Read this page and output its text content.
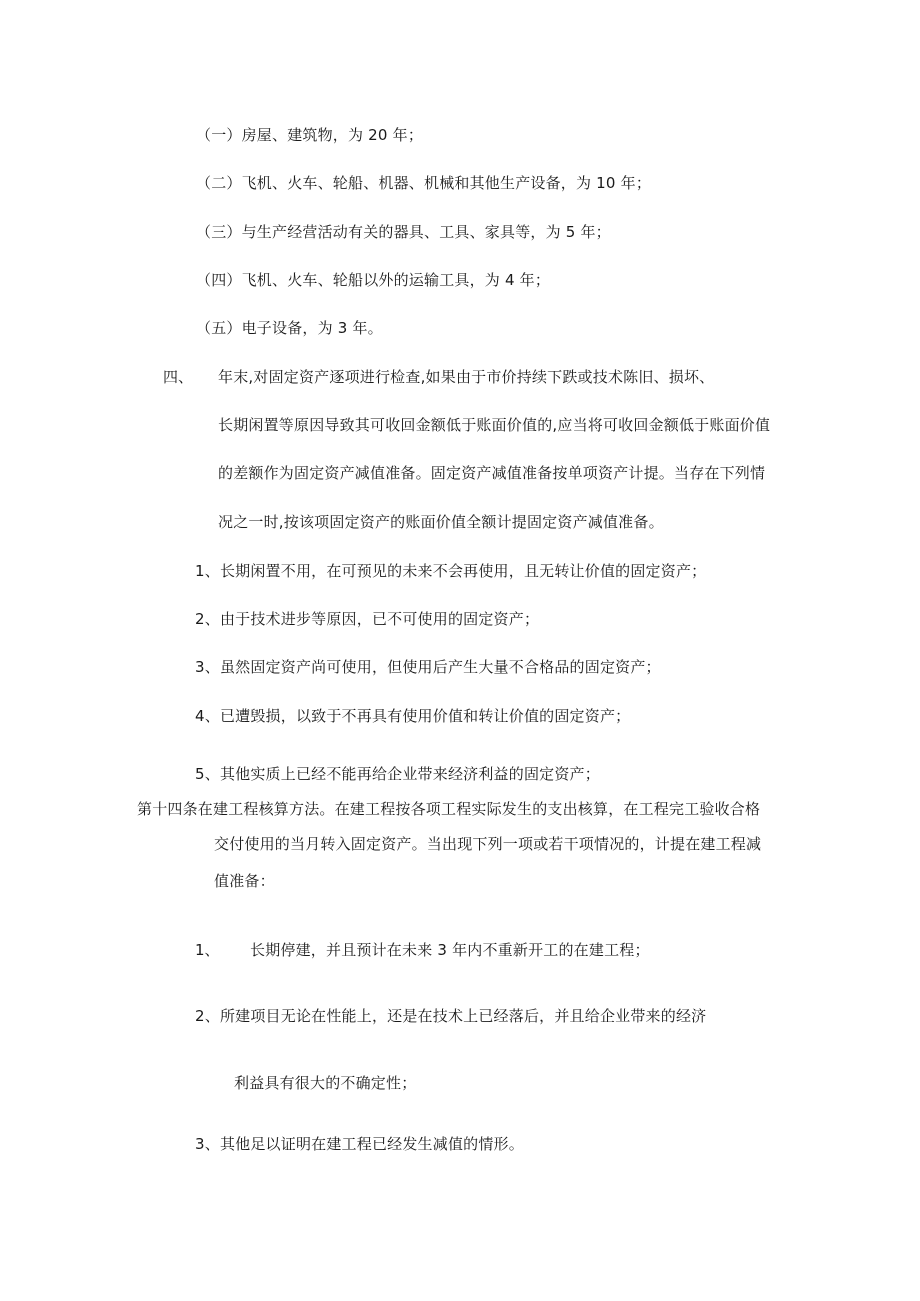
（一）房屋、建筑物，为 20 年；
（二）飞机、火车、轮船、机器、机械和其他生产设备，为 10 年；
（三）与生产经营活动有关的器具、工具、家具等，为 5 年；
（四）飞机、火车、轮船以外的运输工具，为 4 年；
（五）电子设备，为 3 年。
四、 年末,对固定资产逐项进行检查,如果由于市价持续下跌或技术陈旧、损坏、
长期闲置等原因导致其可收回金额低于账面价值的,应当将可收回金额低于账面价值
的差额作为固定资产减值准备。固定资产减值准备按单项资产计提。当存在下列情
况之一时,按该项固定资产的账面价值全额计提固定资产减值准备。
1、长期闲置不用，在可预见的未来不会再使用，且无转让价值的固定资产；
2、由于技术进步等原因，已不可使用的固定资产；
3、虽然固定资产尚可使用，但使用后产生大量不合格品的固定资产；
4、已遭毁损，以致于不再具有使用价值和转让价值的固定资产；
5、其他实质上已经不能再给企业带来经济利益的固定资产；
第十四条在建工程核算方法。在建工程按各项工程实际发生的支出核算，在工程完工验收合格
交付使用的当月转入固定资产。当出现下列一项或若干项情况的，计提在建工程减
值准备：
1、 长期停建，并且预计在未来 3 年内不重新开工的在建工程；
2、所建项目无论在性能上，还是在技术上已经落后，并且给企业带来的经济
利益具有很大的不确定性；
3、其他足以证明在建工程已经发生减值的情形。
